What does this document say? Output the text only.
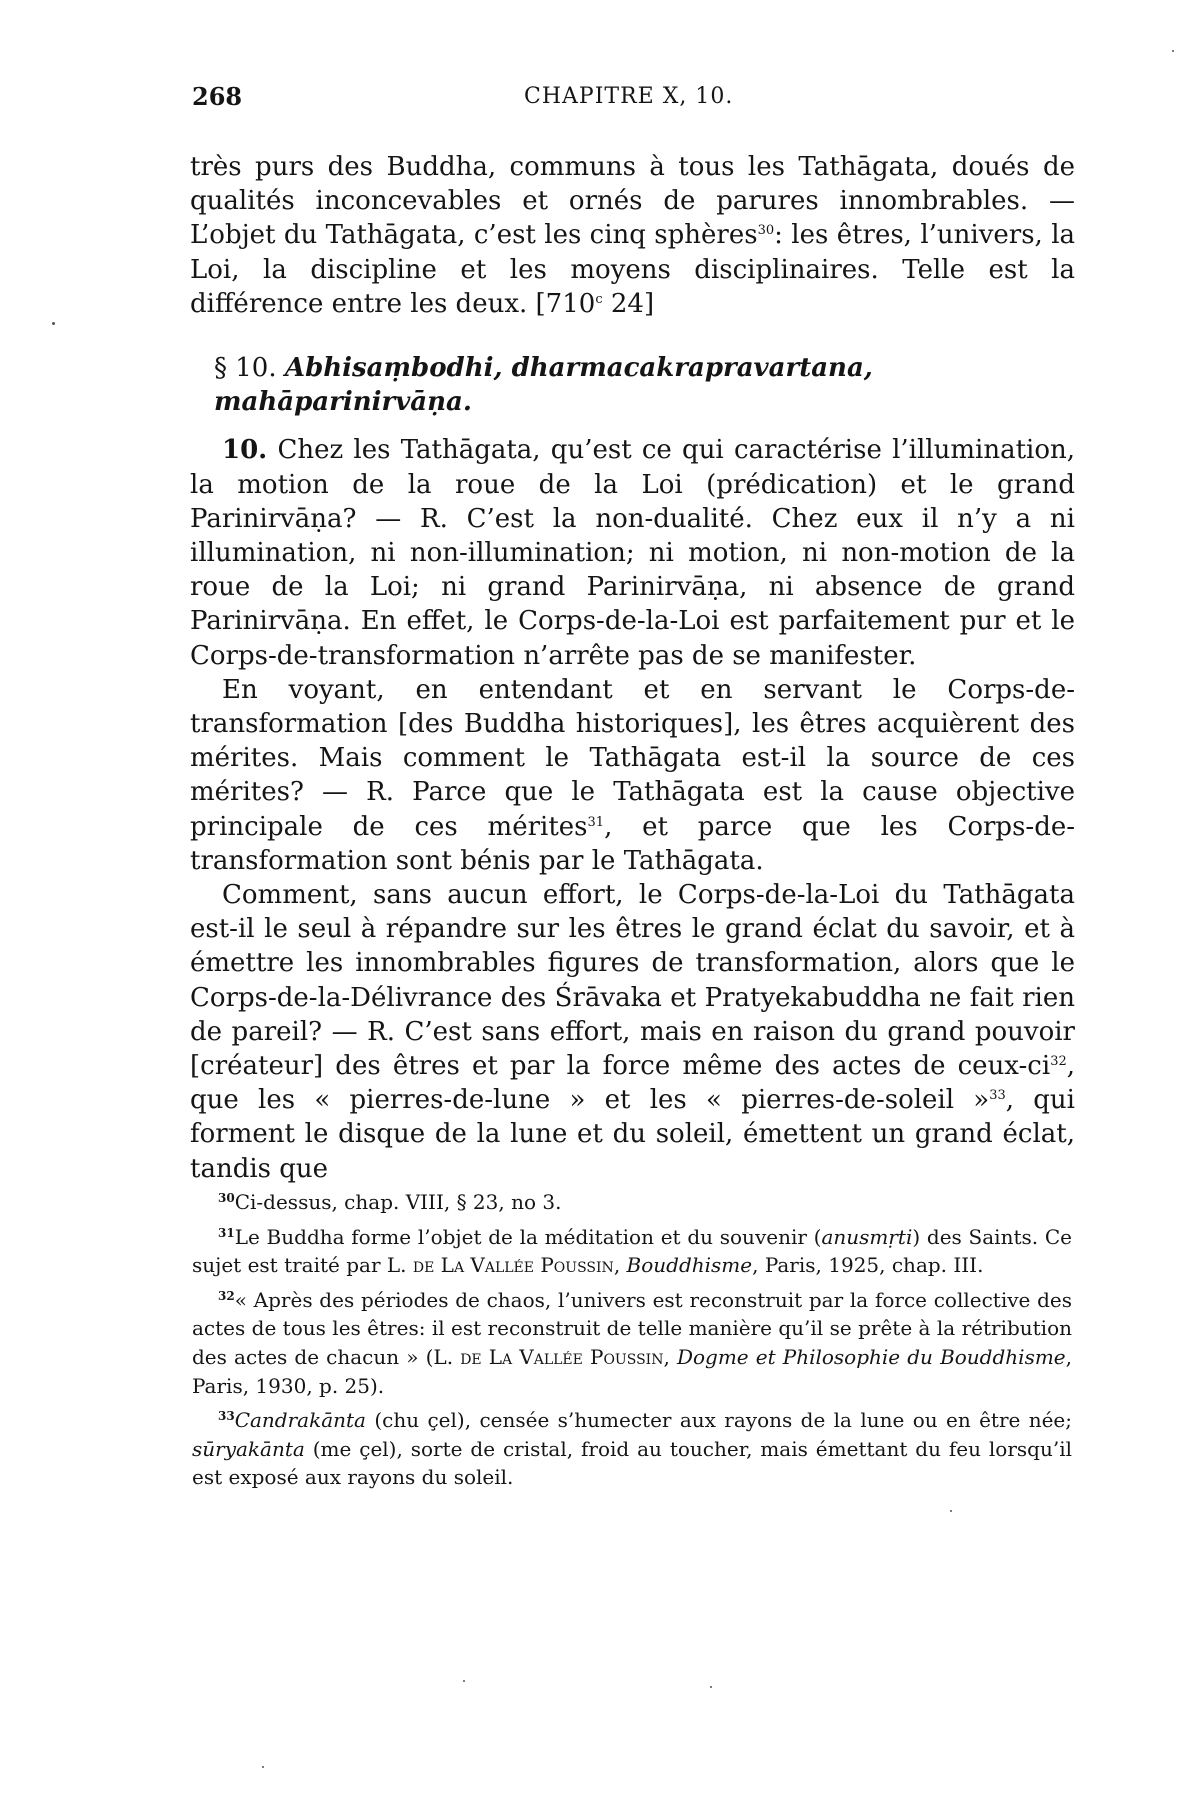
268	CHAPITRE X, 10.

très purs des Buddha, communs à tous les Tathāgata, doués de qualités inconcevables et ornés de parures innombrables. — L’objet du Tathāgata, c’est les cinq sphères$^{30}$: les êtres, l’univers, la Loi, la discipline et les moyens disciplinaires. Telle est la différence entre les deux. [710$^c$ 24]

§ 10. Abhisaṃbodhi, dharmacakrapravartana, mahāparinirvāṇa.

10. Chez les Tathāgata, qu’est ce qui caractérise l’illumination, la motion de la roue de la Loi (prédication) et le grand Parinirvāṇa? — R. C’est la non-dualité. Chez eux il n’y a ni illumination, ni non-illumination; ni motion, ni non-motion de la roue de la Loi; ni grand Parinirvāṇa, ni absence de grand Parinirvāṇa. En effet, le Corps-de-la-Loi est parfaitement pur et le Corps-de-transformation n’arrête pas de se manifester.

En voyant, en entendant et en servant le Corps-de-transformation [des Buddha historiques], les êtres acquièrent des mérites. Mais comment le Tathāgata est-il la source de ces mérites? — R. Parce que le Tathāgata est la cause objective principale de ces mérites$^{31}$, et parce que les Corps-de-transformation sont bénis par le Tathāgata.

Comment, sans aucun effort, le Corps-de-la-Loi du Tathāgata est-il le seul à répandre sur les êtres le grand éclat du savoir, et à émettre les innombrables figures de transformation, alors que le Corps-de-la-Délivrance des Śrāvaka et Pratyekabuddha ne fait rien de pareil? — R. C’est sans effort, mais en raison du grand pouvoir [créateur] des êtres et par la force même des actes de ceux-$ci^{32}$, que les « pierres-de-lune » et les « pierres-de-soleil »$^{33}$, qui forment le disque de la lune et du soleil, émettent un grand éclat, tandis que

$^{30}$Ci-dessus, chap. VIII, § 23, no 3.

$^{31}$Le Buddha forme l’objet de la méditation et du souvenir (anusmṛti) des Saints. Ce sujet est traité par L. de La Vallée Poussin, Bouddhisme, Paris, 1925, chap. III.

$^{32}$« Après des périodes de chaos, l’univers est reconstruit par la force collective des actes de tous les êtres: il est reconstruit de telle manière qu’il se prête à la rétribution des actes de chacun » (L. de La Vallée Poussin, Dogme et Philosophie du Bouddhisme, Paris, 1930, p. 25).

$^{33}$Candrakānta (chu çel), censée s’humecter aux rayons de la lune ou en être née; sūryakānta (me çel), sorte de cristal, froid au toucher, mais émettant du feu lorsqu’il est exposé aux rayons du soleil.
